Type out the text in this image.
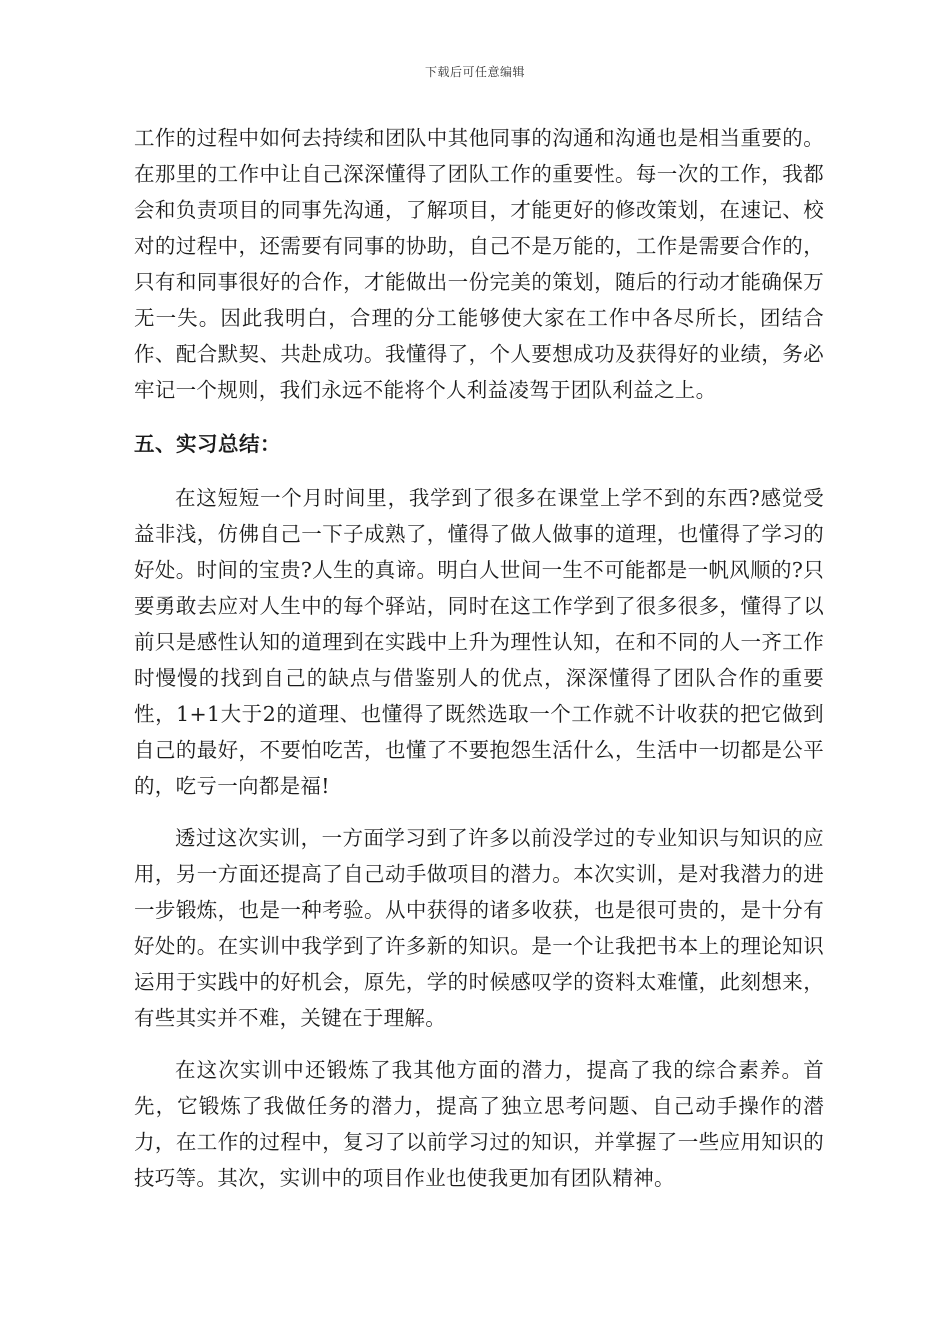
下载后可任意编辑

工作的过程中如何去持续和团队中其他同事的沟通和沟通也是相当重要的。在那里的工作中让自己深深懂得了团队工作的重要性。每一次的工作，我都会和负责项目的同事先沟通，了解项目，才能更好的修改策划，在速记、校对的过程中，还需要有同事的协助，自己不是万能的，工作是需要合作的，只有和同事很好的合作，才能做出一份完美的策划，随后的行动才能确保万无一失。因此我明白，合理的分工能够使大家在工作中各尽所长，团结合作、配合默契、共赴成功。我懂得了，个人要想成功及获得好的业绩，务必牢记一个规则，我们永远不能将个人利益凌驾于团队利益之上。

五、实习总结：

在这短短一个月时间里，我学到了很多在课堂上学不到的东西?感觉受益非浅，仿佛自己一下子成熟了，懂得了做人做事的道理，也懂得了学习的好处。时间的宝贵?人生的真谛。明白人世间一生不可能都是一帆风顺的?只要勇敢去应对人生中的每个驿站，同时在这工作学到了很多很多，懂得了以前只是感性认知的道理到在实践中上升为理性认知，在和不同的人一齐工作时慢慢的找到自己的缺点与借鉴别人的优点，深深懂得了团队合作的重要性，1+1大于2的道理、也懂得了既然选取一个工作就不计收获的把它做到自己的最好，不要怕吃苦，也懂了不要抱怨生活什么，生活中一切都是公平的，吃亏一向都是福!

透过这次实训，一方面学习到了许多以前没学过的专业知识与知识的应用，另一方面还提高了自己动手做项目的潜力。本次实训，是对我潜力的进一步锻炼，也是一种考验。从中获得的诸多收获，也是很可贵的，是十分有好处的。在实训中我学到了许多新的知识。是一个让我把书本上的理论知识运用于实践中的好机会，原先，学的时候感叹学的资料太难懂，此刻想来，有些其实并不难，关键在于理解。

在这次实训中还锻炼了我其他方面的潜力，提高了我的综合素养。首先，它锻炼了我做任务的潜力，提高了独立思考问题、自己动手操作的潜力，在工作的过程中，复习了以前学习过的知识，并掌握了一些应用知识的技巧等。其次，实训中的项目作业也使我更加有团队精神。
